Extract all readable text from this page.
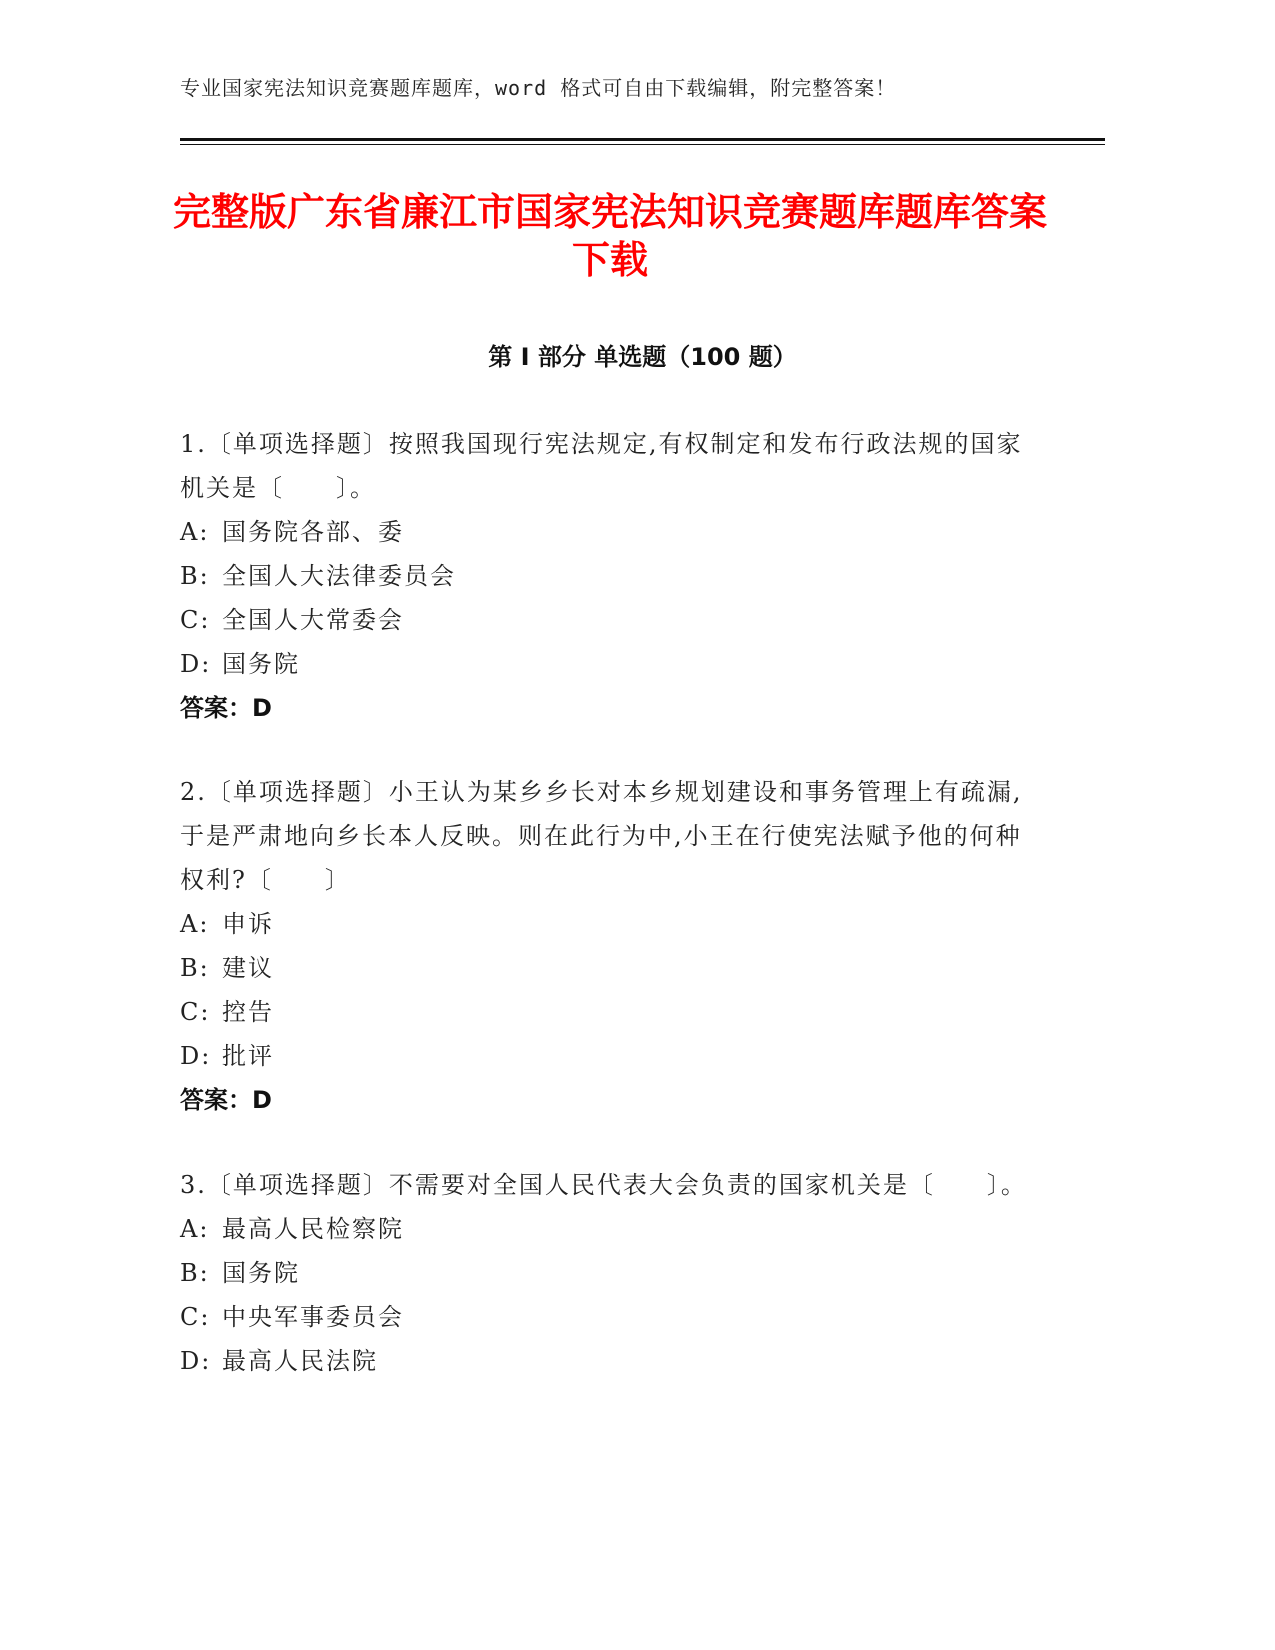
专业国家宪法知识竞赛题库题库，word 格式可自由下载编辑，附完整答案！
完整版广东省廉江市国家宪法知识竞赛题库题库答案下载
第 I 部分 单选题（100 题）

1.〔单项选择题〕按照我国现行宪法规定,有权制定和发布行政法规的国家机关是〔　　〕。

A: 国务院各部、委

B: 全国人大法律委员会

C: 全国人大常委会

D: 国务院

答案：D

2.〔单项选择题〕小王认为某乡乡长对本乡规划建设和事务管理上有疏漏,于是严肃地向乡长本人反映。则在此行为中,小王在行使宪法赋予他的何种权利?〔　　〕

A: 申诉

B: 建议

C: 控告

D: 批评

答案：D

3.〔单项选择题〕不需要对全国人民代表大会负责的国家机关是〔　　〕。

A: 最高人民检察院

B: 国务院

C: 中央军事委员会

D: 最高人民法院
